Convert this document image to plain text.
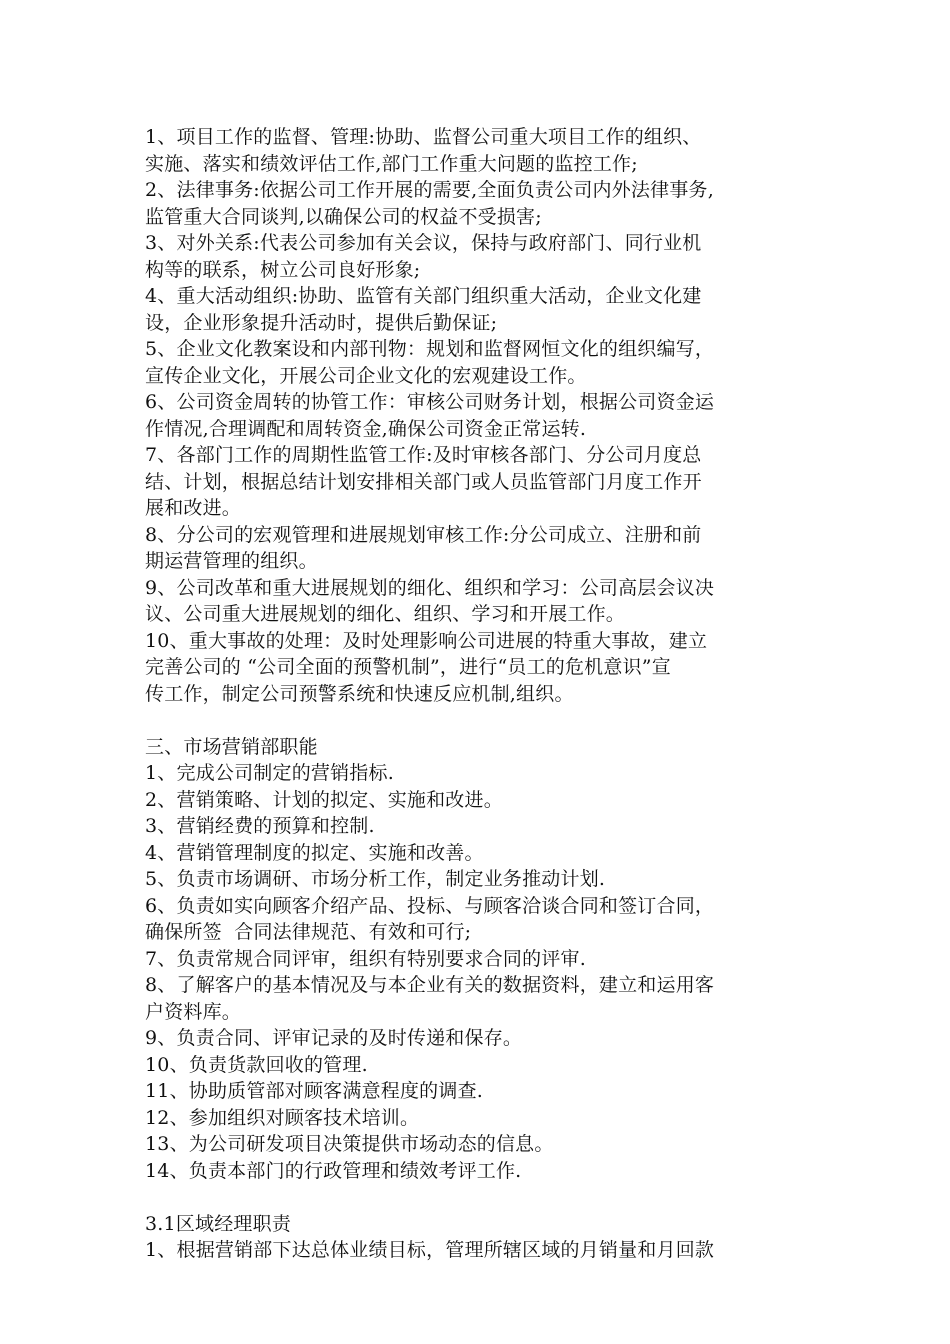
1、项目工作的监督、管理:协助、监督公司重大项目工作的组织、
实施、落实和绩效评估工作,部门工作重大问题的监控工作;
2、法律事务:依据公司工作开展的需要,全面负责公司内外法律事务,
监管重大合同谈判,以确保公司的权益不受损害;
3、对外关系:代表公司参加有关会议，保持与政府部门、同行业机
构等的联系，树立公司良好形象;
4、重大活动组织:协助、监管有关部门组织重大活动，企业文化建
设，企业形象提升活动时，提供后勤保证;
5、企业文化教案设和内部刊物：规划和监督网恒文化的组织编写，
宣传企业文化，开展公司企业文化的宏观建设工作。
6、公司资金周转的协管工作：审核公司财务计划，根据公司资金运
作情况,合理调配和周转资金,确保公司资金正常运转.
7、各部门工作的周期性监管工作:及时审核各部门、分公司月度总
结、计划，根据总结计划安排相关部门或人员监管部门月度工作开
展和改进。
8、分公司的宏观管理和进展规划审核工作:分公司成立、注册和前
期运营管理的组织。
9、公司改革和重大进展规划的细化、组织和学习：公司高层会议决
议、公司重大进展规划的细化、组织、学习和开展工作。
10、重大事故的处理：及时处理影响公司进展的特重大事故，建立
完善公司的 “公司全面的预警机制”，进行“员工的危机意识”宣
传工作，制定公司预警系统和快速反应机制,组织。
三、市场营销部职能
1、完成公司制定的营销指标.
2、营销策略、计划的拟定、实施和改进。
3、营销经费的预算和控制.
4、营销管理制度的拟定、实施和改善。
5、负责市场调研、市场分析工作，制定业务推动计划.
6、负责如实向顾客介绍产品、投标、与顾客洽谈合同和签订合同，
确保所签  合同法律规范、有效和可行;
7、负责常规合同评审，组织有特别要求合同的评审.
8、了解客户的基本情况及与本企业有关的数据资料，建立和运用客
户资料库。
9、负责合同、评审记录的及时传递和保存。
10、负责货款回收的管理.
11、协助质管部对顾客满意程度的调查.
12、参加组织对顾客技术培训。
13、为公司研发项目决策提供市场动态的信息。
14、负责本部门的行政管理和绩效考评工作.
3.1区域经理职责
1、根据营销部下达总体业绩目标，管理所辖区域的月销量和月回款
